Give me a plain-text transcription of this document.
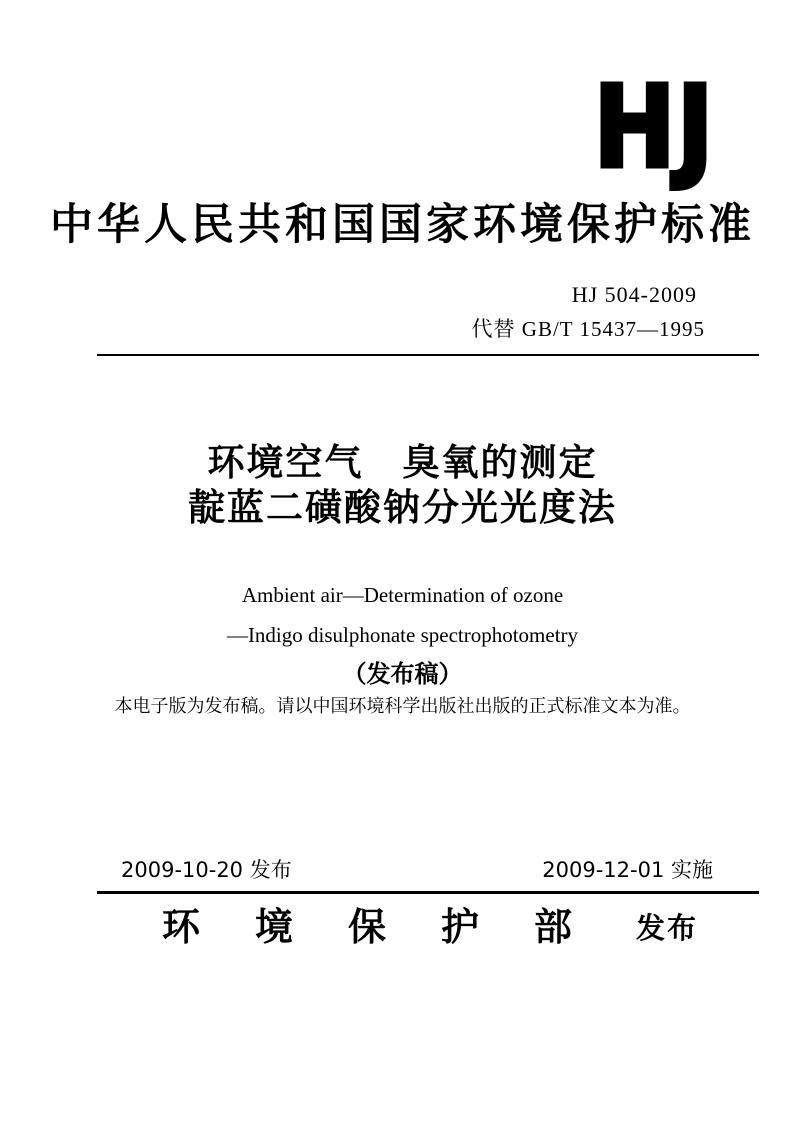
HJ
中华人民共和国国家环境保护标准
HJ 504-2009
代替 GB/T 15437—1995
环境空气　臭氧的测定
靛蓝二磺酸钠分光光度法
Ambient air—Determination of ozone
—Indigo disulphonate spectrophotometry
（发布稿）
本电子版为发布稿。请以中国环境科学出版社出版的正式标准文本为准。
2009-10-20 发布	2009-12-01 实施
环境保护部 发布
